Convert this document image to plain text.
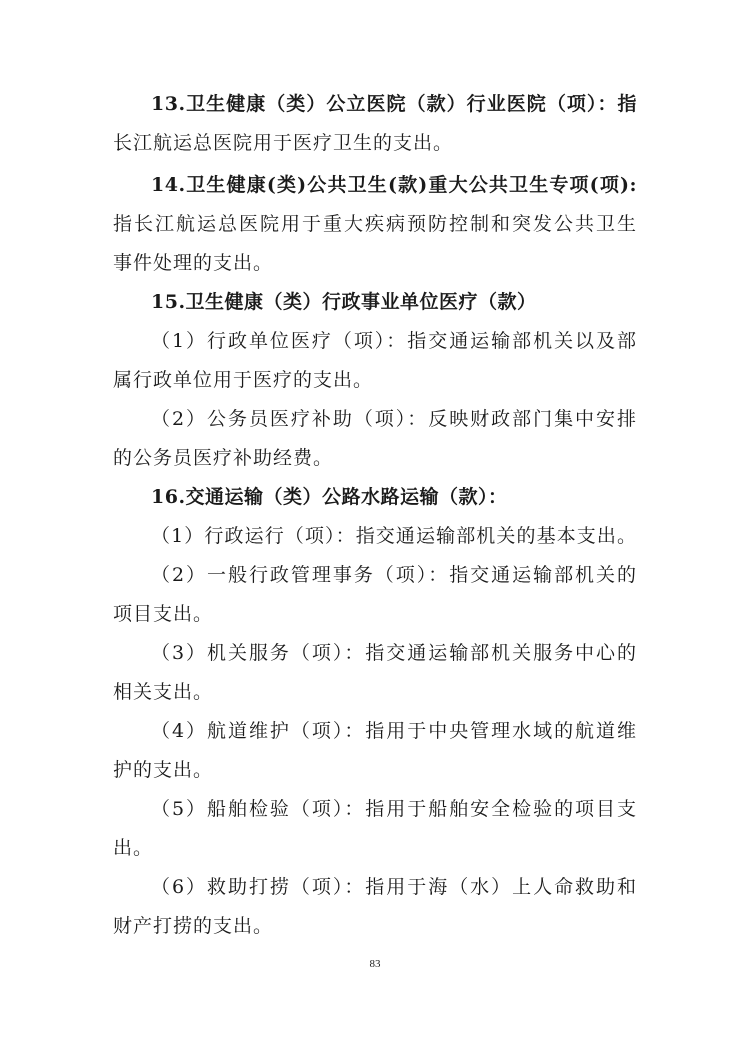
13.卫生健康（类）公立医院（款）行业医院（项）：指
长江航运总医院用于医疗卫生的支出。
14.卫生健康(类)公共卫生(款)重大公共卫生专项(项):
指长江航运总医院用于重大疾病预防控制和突发公共卫生
事件处理的支出。
15.卫生健康（类）行政事业单位医疗（款）
（1）行政单位医疗（项）：指交通运输部机关以及部
属行政单位用于医疗的支出。
（2）公务员医疗补助（项）：反映财政部门集中安排
的公务员医疗补助经费。
16.交通运输（类）公路水路运输（款）：
（1）行政运行（项）：指交通运输部机关的基本支出。
（2）一般行政管理事务（项）：指交通运输部机关的
项目支出。
（3）机关服务（项）：指交通运输部机关服务中心的
相关支出。
（4）航道维护（项）：指用于中央管理水域的航道维
护的支出。
（5）船舶检验（项）：指用于船舶安全检验的项目支
出。
（6）救助打捞（项）：指用于海（水）上人命救助和
财产打捞的支出。
83
